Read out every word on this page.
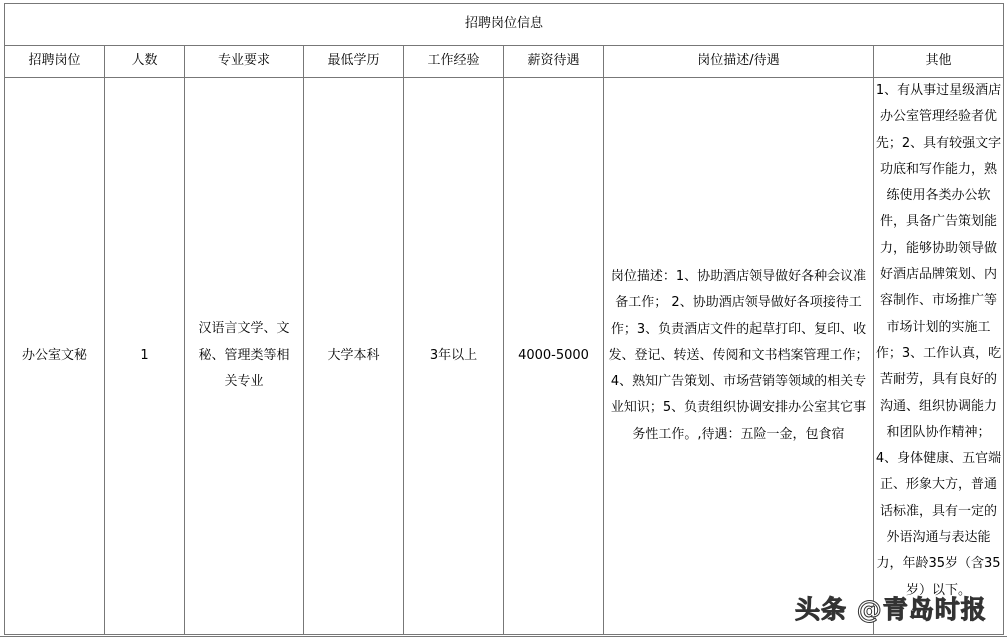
招聘岗位信息							
招聘岗位	人数	专业要求	最低学历	工作经验	薪资待遇	岗位描述/待遇	其他
办公室文秘	1	汉语言文学、文秘、管理类等相关专业	大学本科	3年以上	4000-5000	岗位描述：1、协助酒店领导做好各种会议准备工作； 2、协助酒店领导做好各项接待工作；3、负责酒店文件的起草打印、复印、收发、登记、转送、传阅和文书档案管理工作； 4、熟知广告策划、市场营销等领域的相关专业知识；5、负责组织协调安排办公室其它事务性工作。,待遇：五险一金，包食宿	1、有从事过星级酒店办公室管理经验者优先；2、具有较强文字功底和写作能力，熟练使用各类办公软件，具备广告策划能力，能够协助领导做好酒店品牌策划、内容制作、市场推广等市场计划的实施工作；3、工作认真，吃苦耐劳，具有良好的沟通、组织协调能力和团队协作精神； 4、身体健康、五官端正、形象大方，普通话标准，具有一定的外语沟通与表达能力，年龄35岁（含35岁）以下。
头条 @青岛时报
